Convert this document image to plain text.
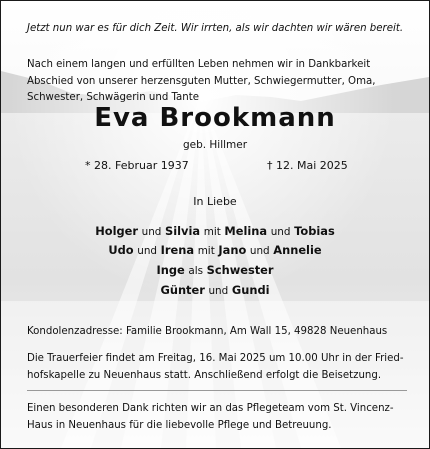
Jetzt nun war es für dich Zeit. Wir irrten, als wir dachten wir wären bereit.
Nach einem langen und erfüllten Leben nehmen wir in Dankbarkeit Abschied von unserer herzensguten Mutter, Schwiegermutter, Oma, Schwester, Schwägerin und Tante
Eva Brookmann
geb. Hillmer
* 28. Februar 1937	† 12. Mai 2025
In Liebe
Holger und Silvia mit Melina und Tobias
Udo und Irena mit Jano und Annelie
Inge als Schwester
Günter und Gundi
Kondolenzadresse: Familie Brookmann, Am Wall 15, 49828 Neuenhaus
Die Trauerfeier findet am Freitag, 16. Mai 2025 um 10.00 Uhr in der Fried- hofskapelle zu Neuenhaus statt. Anschließend erfolgt die Beisetzung.
Einen besonderen Dank richten wir an das Pflegeteam vom St. Vincenz-Haus in Neuenhaus für die liebevolle Pflege und Betreuung.
